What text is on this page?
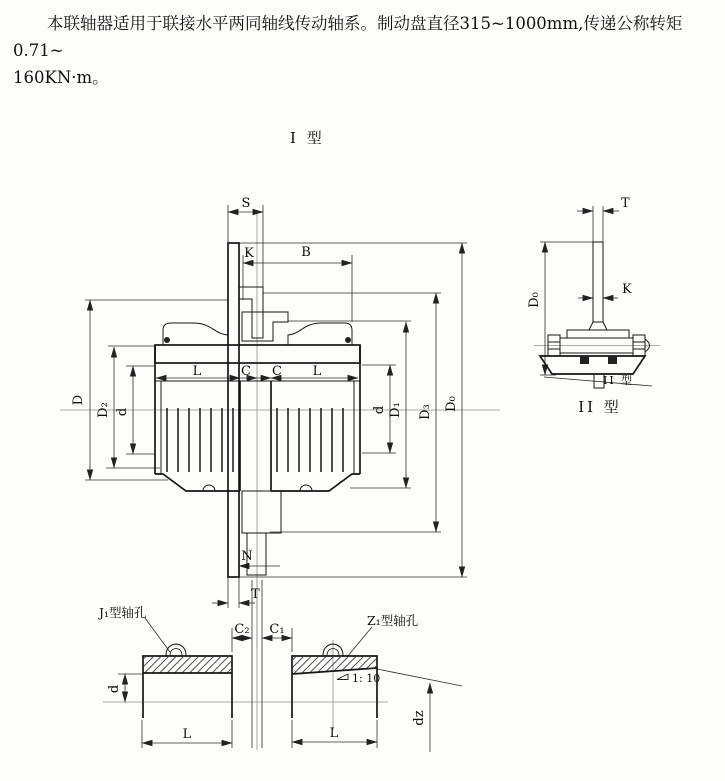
本联轴器适用于联接水平两同轴线传动轴系。制动盘直径315~1000mm,传递公称转矩0.71~
160KN·m。
I 型
S
K	B
D
D₂ d
L	C C L
d D₁ D₃
D₀
N
T
C₂ C₁
J₁型轴孔
d
L
Z₁型轴孔
1: 10
dz
L
T
D₀
K
II 型
II 型
